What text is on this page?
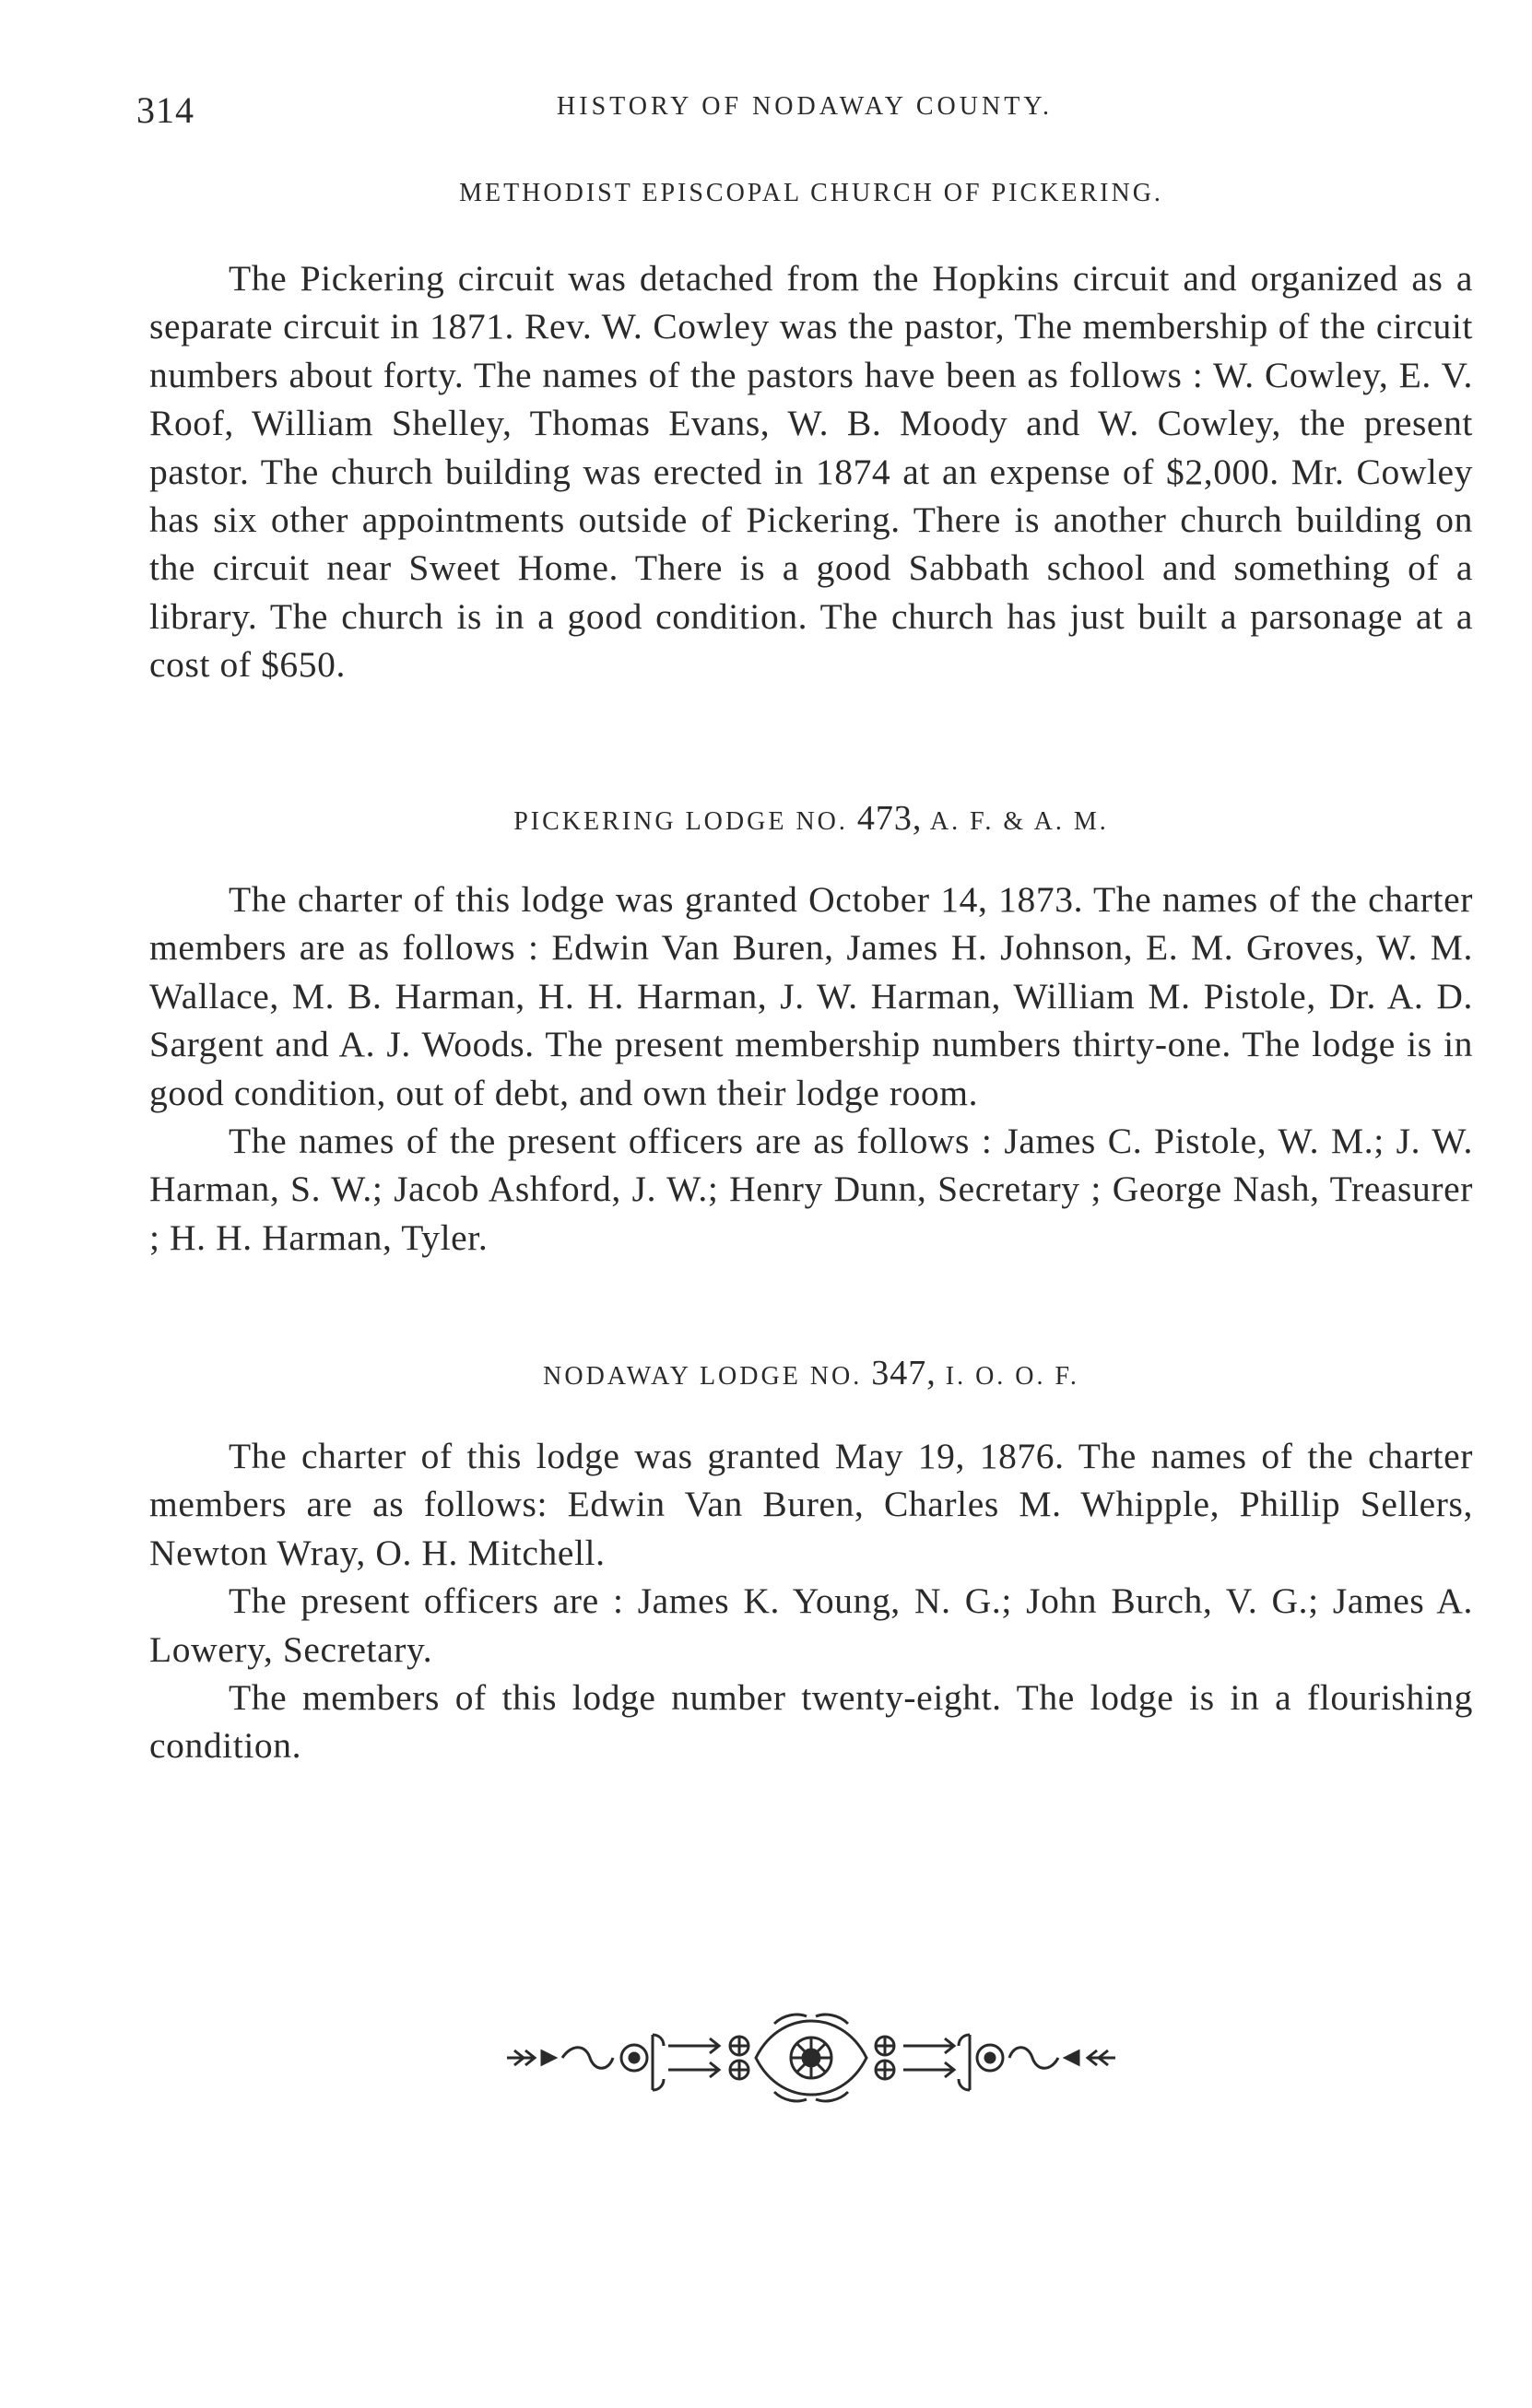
314	HISTORY OF NODAWAY COUNTY.
METHODIST EPISCOPAL CHURCH OF PICKERING.

The Pickering circuit was detached from the Hopkins circuit and organized as a separate circuit in 1871. Rev. W. Cowley was the pastor, The membership of the circuit numbers about forty. The names of the pastors have been as follows : W. Cowley, E. V. Roof, William Shelley, Thomas Evans, W. B. Moody and W. Cowley, the present pastor. The church building was erected in 1874 at an expense of $2,000. Mr. Cowley has six other appointments outside of Pickering. There is another church building on the circuit near Sweet Home. There is a good Sabbath school and something of a library. The church is in a good condition. The church has just built a parsonage at a cost of $650.

PICKERING LODGE NO. 473, A. F. & A. M.

The charter of this lodge was granted October 14, 1873. The names of the charter members are as follows : Edwin Van Buren, James H. Johnson, E. M. Groves, W. M. Wallace, M. B. Harman, H. H. Harman, J. W. Harman, William M. Pistole, Dr. A. D. Sargent and A. J. Woods. The present membership numbers thirty-one. The lodge is in good condition, out of debt, and own their lodge room.

The names of the present officers are as follows : James C. Pistole, W. M.; J. W. Harman, S. W.; Jacob Ashford, J. W.; Henry Dunn, Secretary ; George Nash, Treasurer ; H. H. Harman, Tyler.

NODAWAY LODGE NO. 347, I. O. O. F.

The charter of this lodge was granted May 19, 1876. The names of the charter members are as follows: Edwin Van Buren, Charles M. Whipple, Phillip Sellers, Newton Wray, O. H. Mitchell.

The present officers are : James K. Young, N. G.; John Burch, V. G.; James A. Lowery, Secretary.

The members of this lodge number twenty-eight. The lodge is in a flourishing condition.
